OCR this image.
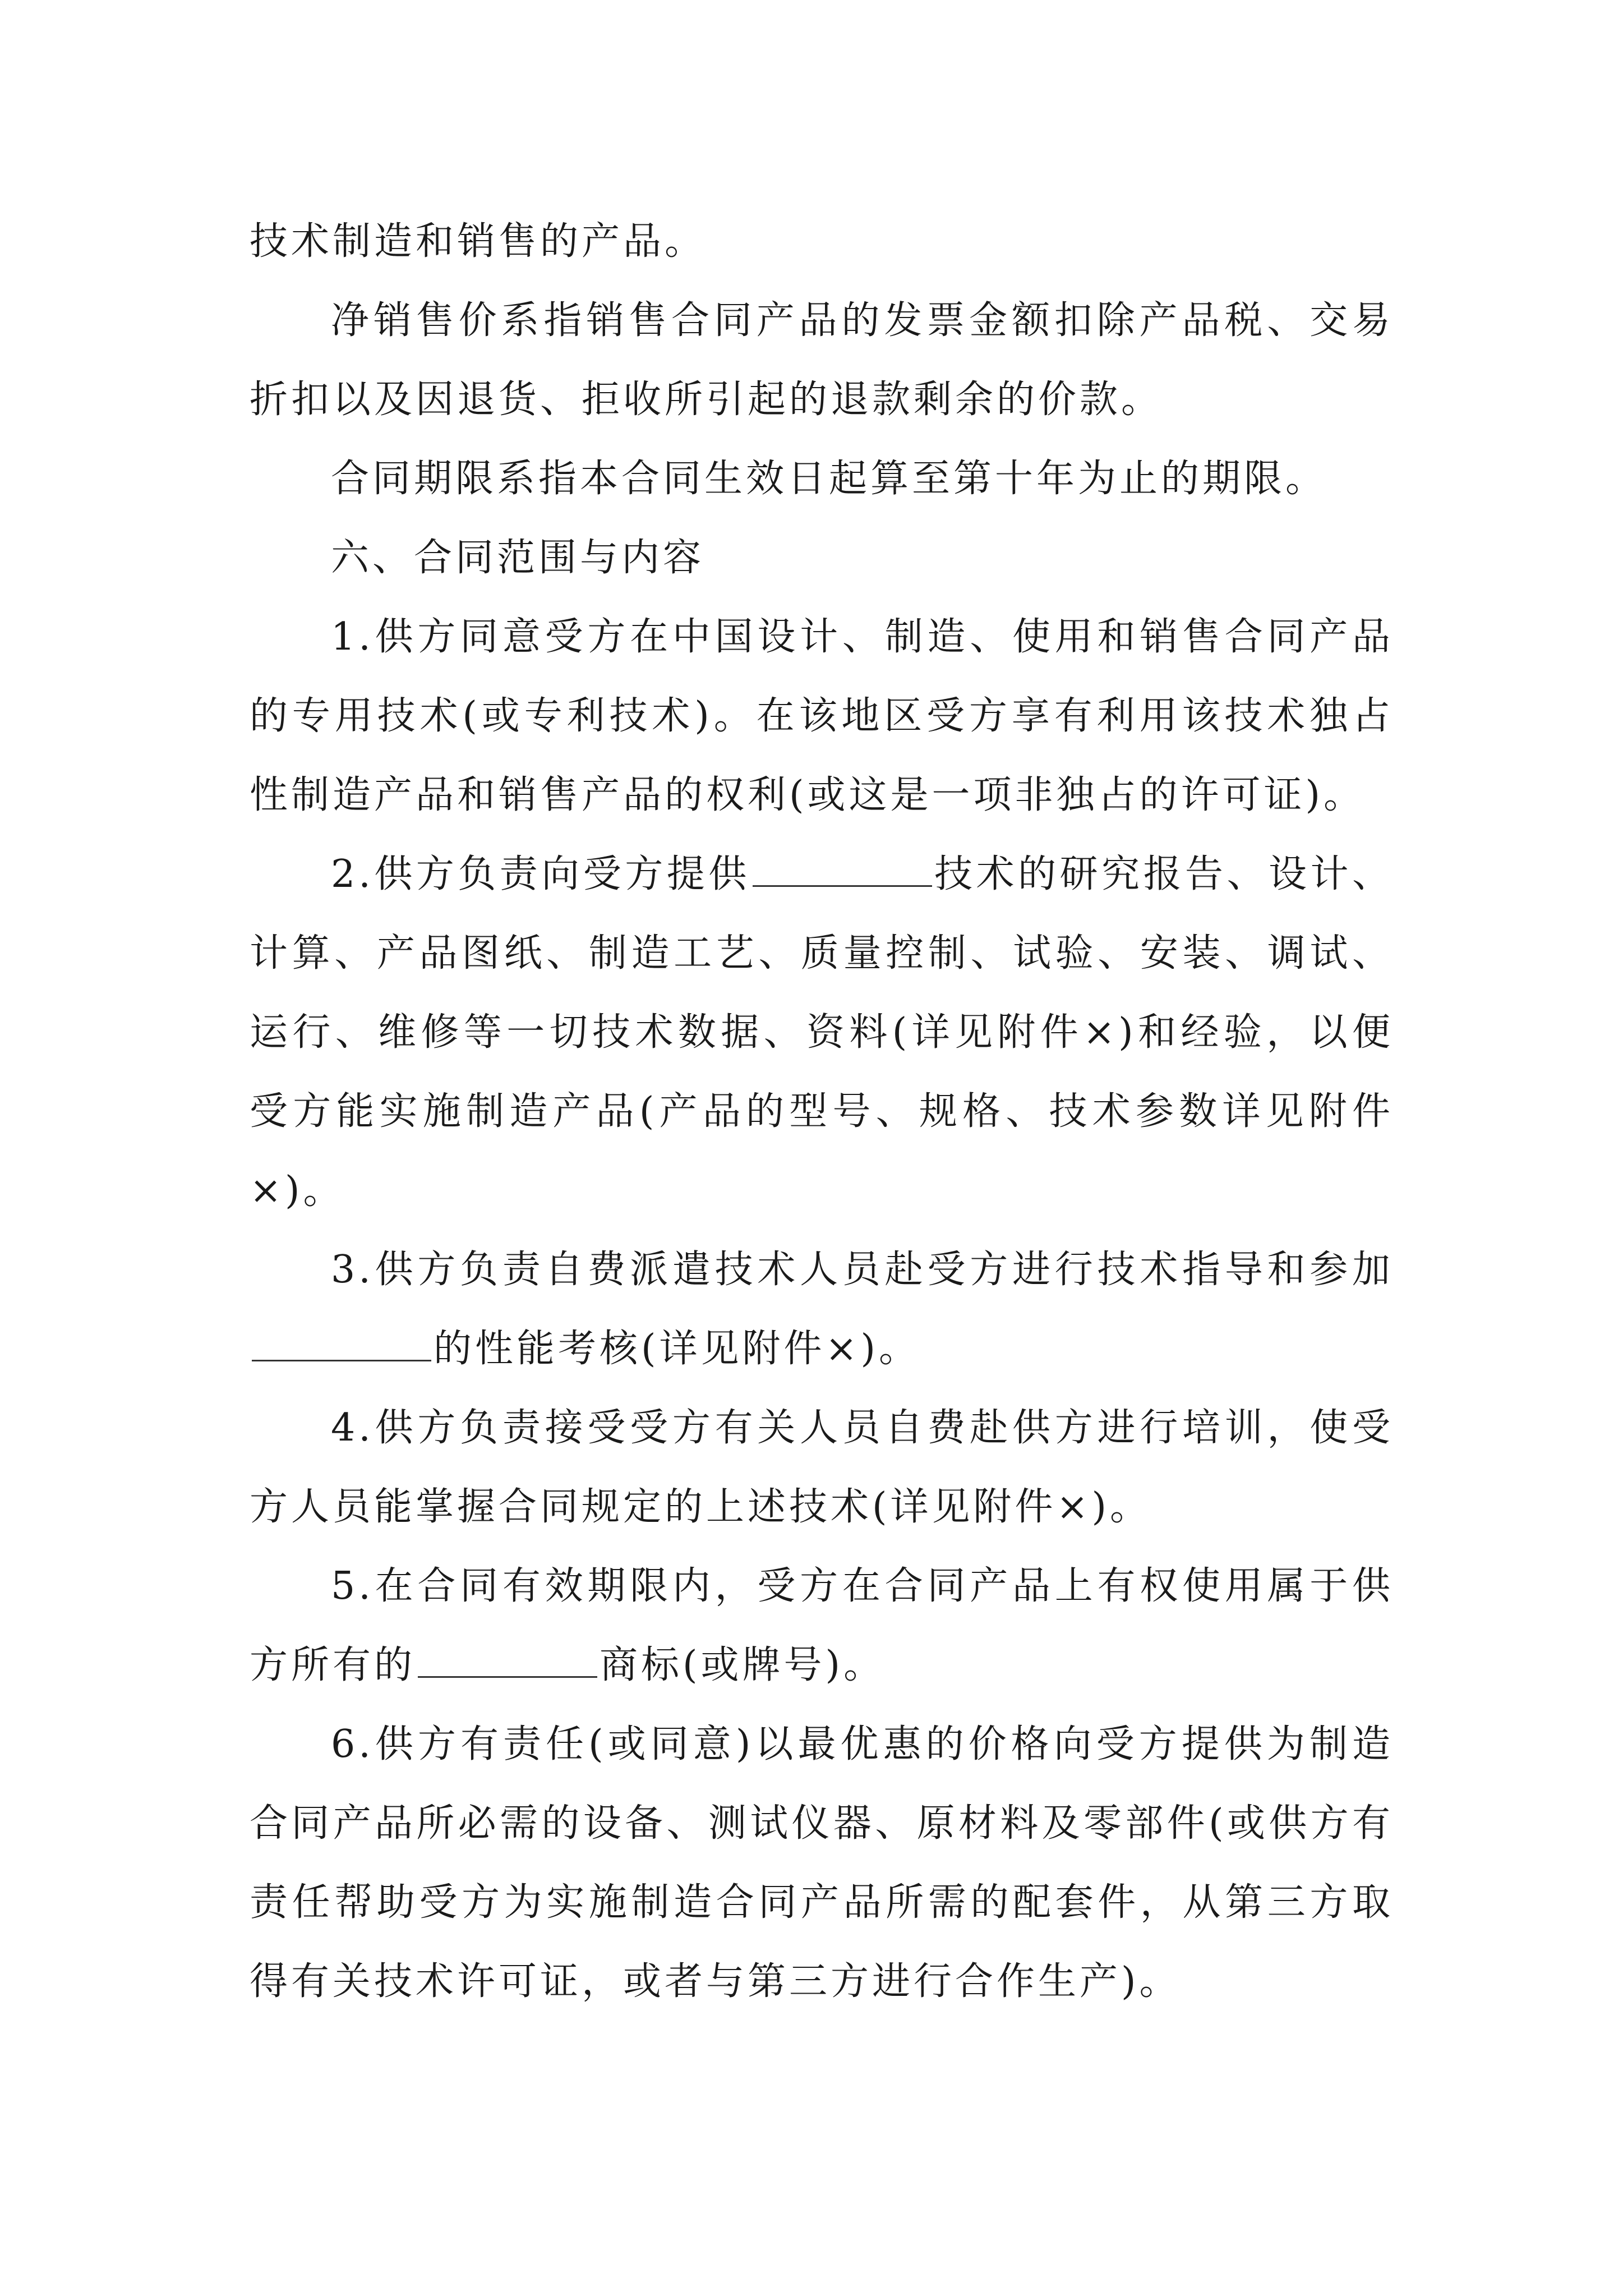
技术制造和销售的产品。

净销售价系指销售合同产品的发票金额扣除产品税、交易折扣以及因退货、拒收所引起的退款剩余的价款。

合同期限系指本合同生效日起算至第十年为止的期限。

六、合同范围与内容

1.供方同意受方在中国设计、制造、使用和销售合同产品的专用技术(或专利技术)。在该地区受方享有利用该技术独占性制造产品和销售产品的权利(或这是一项非独占的许可证)。

2.供方负责向受方提供	技术的研究报告、设计、计算、产品图纸、制造工艺、质量控制、试验、安装、调试、运行、维修等一切技术数据、资料(详见附件×)和经验，以便受方能实施制造产品(产品的型号、规格、技术参数详见附件×)。

3.供方负责自费派遣技术人员赴受方进行技术指导和参加的性能考核(详见附件×)。

4.供方负责接受受方有关人员自费赴供方进行培训，使受方人员能掌握合同规定的上述技术(详见附件×)。

5.在合同有效期限内，受方在合同产品上有权使用属于供方所有的	商标(或牌号)。

6.供方有责任(或同意)以最优惠的价格向受方提供为制造合同产品所必需的设备、测试仪器、原材料及零部件(或供方有责任帮助受方为实施制造合同产品所需的配套件，从第三方取得有关技术许可证，或者与第三方进行合作生产)。
